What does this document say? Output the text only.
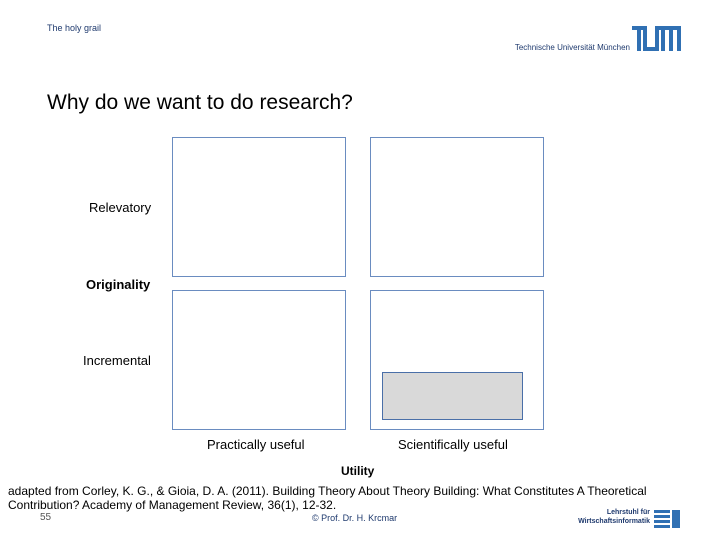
The holy grail
Technische Universität München
Why do we want to do research?
Relevatory
Originality
Incremental
Practically useful	Scientifically useful
Utility
adapted from Corley, K. G., & Gioia, D. A. (2011). Building Theory About Theory Building: What Constitutes A Theoretical Contribution? Academy of Management Review, 36(1), 12-32.
55	© Prof. Dr. H. Krcmar
Lehrstuhl für Wirtschaftsinformatik
